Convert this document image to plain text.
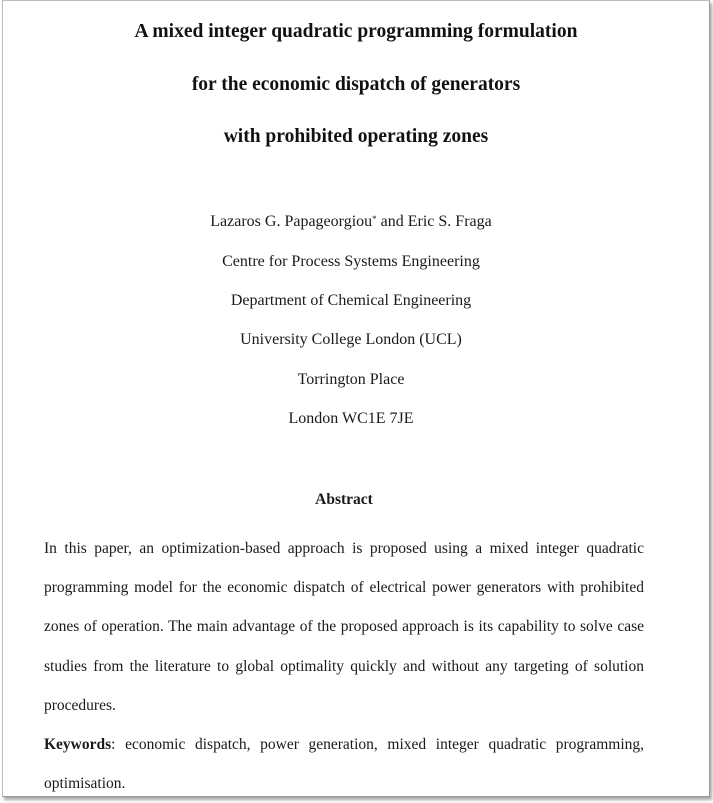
A mixed integer quadratic programming formulation
for the economic dispatch of generators
with prohibited operating zones
Lazaros G. Papageorgiou* and Eric S. Fraga
Centre for Process Systems Engineering
Department of Chemical Engineering
University College London (UCL)
Torrington Place
London WC1E 7JE
Abstract

In this paper, an optimization-based approach is proposed using a mixed integer quadratic programming model for the economic dispatch of electrical power generators with prohibited zones of operation. The main advantage of the proposed approach is its capability to solve case studies from the literature to global optimality quickly and without any targeting of solution procedures.

Keywords: economic dispatch, power generation, mixed integer quadratic programming, optimisation.
